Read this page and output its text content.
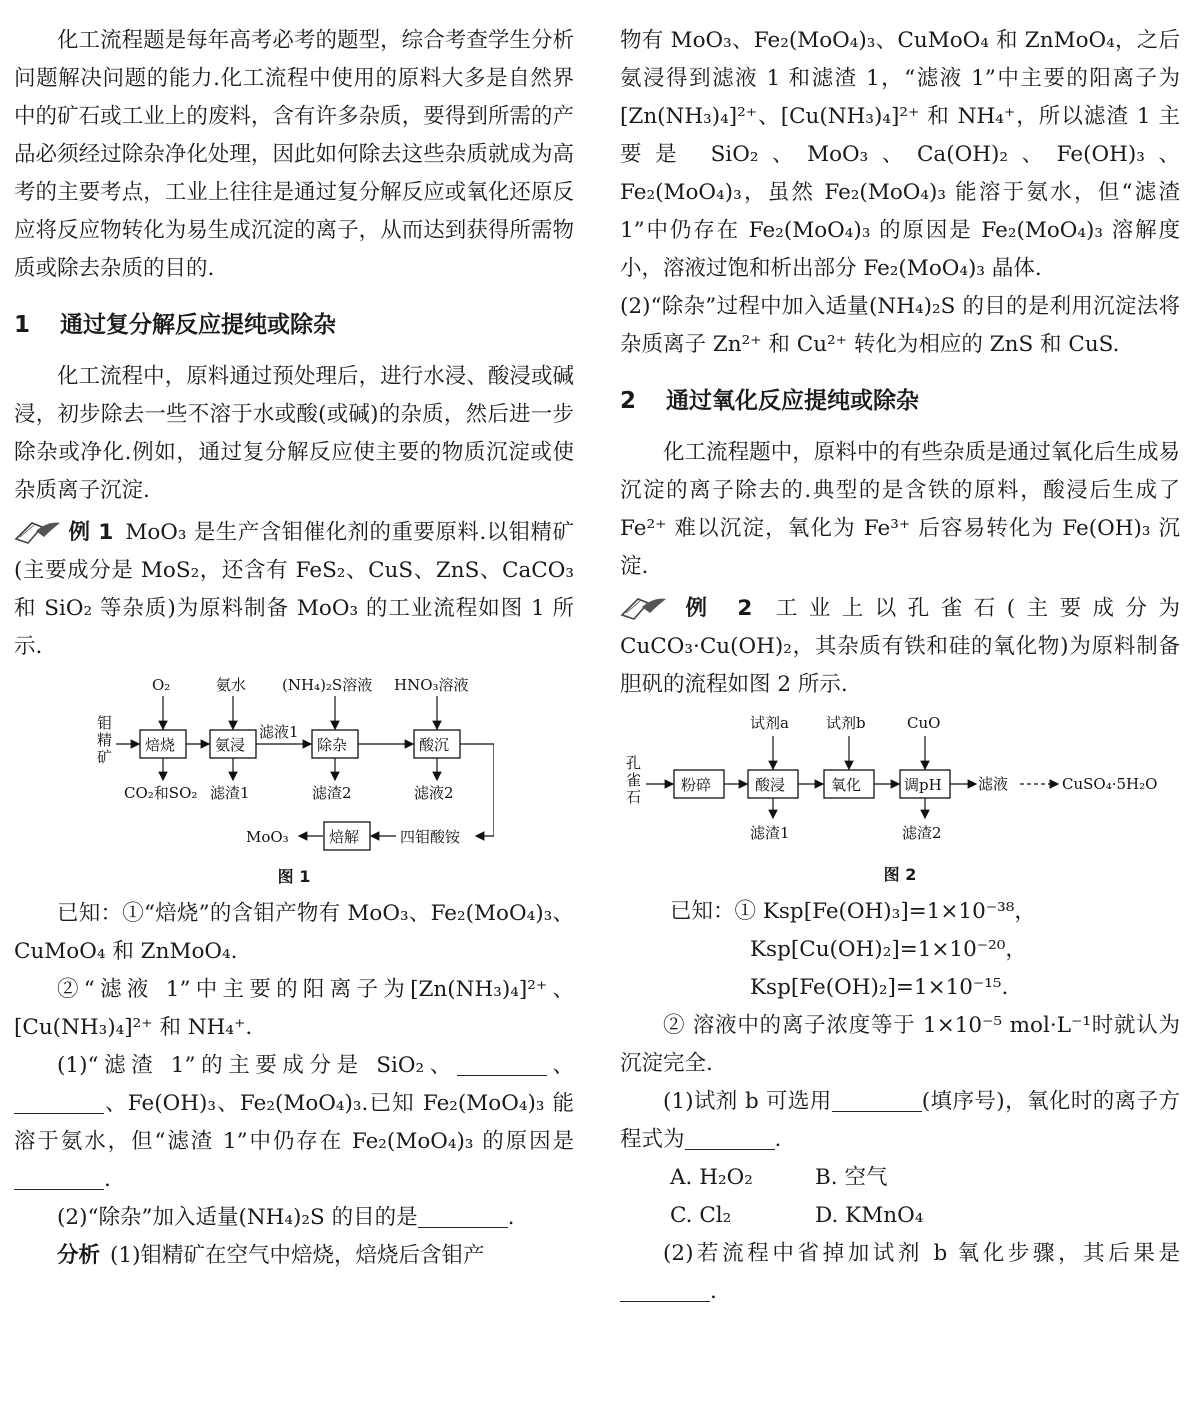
化工流程题是每年高考必考的题型，综合考查学生分析问题解决问题的能力.化工流程中使用的原料大多是自然界中的矿石或工业上的废料，含有许多杂质，要得到所需的产品必须经过除杂净化处理，因此如何除去这些杂质就成为高考的主要考点，工业上往往是通过复分解反应或氧化还原反应将反应物转化为易生成沉淀的离子，从而达到获得所需物质或除去杂质的目的.

1 通过复分解反应提纯或除杂

化工流程中，原料通过预处理后，进行水浸、酸浸或碱浸，初步除去一些不溶于水或酸(或碱)的杂质，然后进一步除杂或净化.例如，通过复分解反应使主要的物质沉淀或使杂质离子沉淀.

例 1 MoO₃ 是生产含钼催化剂的重要原料.以钼精矿(主要成分是 MoS₂，还含有 FeS₂、CuS、ZnS、CaCO₃ 和 SiO₂ 等杂质)为原料制备 MoO₃ 的工业流程如图 1 所示.

钼
精
矿
焙烧	氨浸	除杂	酸沉
焙解
滤液1
四钼酸铵
MoO₃
O₂	氨水 (NH₄)₂S溶液 HNO₃溶液
CO₂和SO₂ 滤渣1	滤渣2	滤液2
图 1

已知：①“焙烧”的含钼产物有 MoO₃、Fe₂(MoO₄)₃、CuMoO₄ 和 ZnMoO₄.

②“滤液 1”中主要的阳离子为[Zn(NH₃)₄]²⁺、[Cu(NH₃)₄]²⁺ 和 NH₄⁺.

(1)“滤渣 1”的主要成分是 SiO₂、	、、Fe(OH)₃、Fe₂(MoO₄)₃.已知 Fe₂(MoO₄)₃ 能溶于氨水，但“滤渣 1”中仍存在 Fe₂(MoO₄)₃ 的原因是.

(2)“除杂”加入适量(NH₄)₂S 的目的是	.

分析 (1)钼精矿在空气中焙烧，焙烧后含钼产

物有 MoO₃、Fe₂(MoO₄)₃、CuMoO₄ 和 ZnMoO₄，之后氨浸得到滤液 1 和滤渣 1，“滤液 1”中主要的阳离子为[Zn(NH₃)₄]²⁺、[Cu(NH₃)₄]²⁺ 和 NH₄⁺，所以滤渣 1 主要是 SiO₂、MoO₃、Ca(OH)₂、Fe(OH)₃、Fe₂(MoO₄)₃，虽然 Fe₂(MoO₄)₃ 能溶于氨水，但“滤渣 1”中仍存在 Fe₂(MoO₄)₃ 的原因是 Fe₂(MoO₄)₃ 溶解度小，溶液过饱和析出部分 Fe₂(MoO₄)₃ 晶体.

(2)“除杂”过程中加入适量(NH₄)₂S 的目的是利用沉淀法将杂质离子 Zn²⁺ 和 Cu²⁺ 转化为相应的 ZnS 和 CuS.

2 通过氧化反应提纯或除杂

化工流程题中，原料中的有些杂质是通过氧化后生成易沉淀的离子除去的.典型的是含铁的原料，酸浸后生成了 Fe²⁺ 难以沉淀，氧化为 Fe³⁺ 后容易转化为 Fe(OH)₃ 沉淀.

例 2 工业上以孔雀石(主要成分为 CuCO₃·Cu(OH)₂，其杂质有铁和硅的氧化物)为原料制备胆矾的流程如图 2 所示.

孔
雀
石
粉碎	酸浸	氧化	调pH 滤液	CuSO₄·5H₂O
试剂a 试剂b	CuO
滤渣1	滤渣2
图 2

已知：① Ksp[Fe(OH)₃]=1×10⁻³⁸，

Ksp[Cu(OH)₂]=1×10⁻²⁰，

Ksp[Fe(OH)₂]=1×10⁻¹⁵.

② 溶液中的离子浓度等于 1×10⁻⁵ mol·L⁻¹时就认为沉淀完全.

(1)试剂 b 可选用	(填序号)，氧化时的离子方程式为	.

A. H₂O₂	B. 空气

C. Cl₂	D. KMnO₄

(2)若流程中省掉加试剂 b 氧化步骤，其后果是.
